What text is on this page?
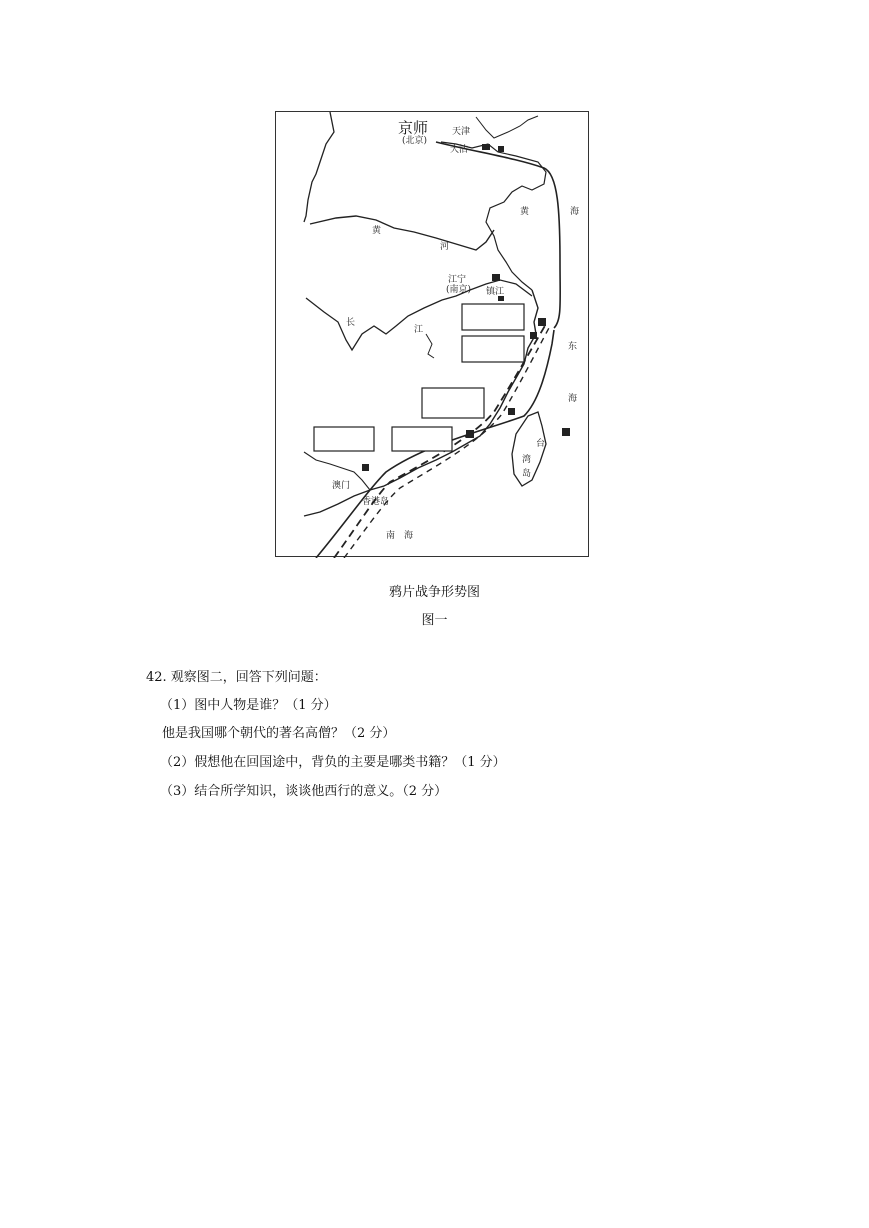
京师
(北京)
天津
大沽
黄	海
黄
河
江宁
(南京) 镇江
长
江
东
海
台
湾
岛
澳门
香港岛
南　海
鸦片战争形势图
图一
42. 观察图二，回答下列问题：
（1）图中人物是谁？（1 分）
他是我国哪个朝代的著名高僧？（2 分）
（2）假想他在回国途中，背负的主要是哪类书籍？（1 分）
（3）结合所学知识，谈谈他西行的意义。（2 分）
